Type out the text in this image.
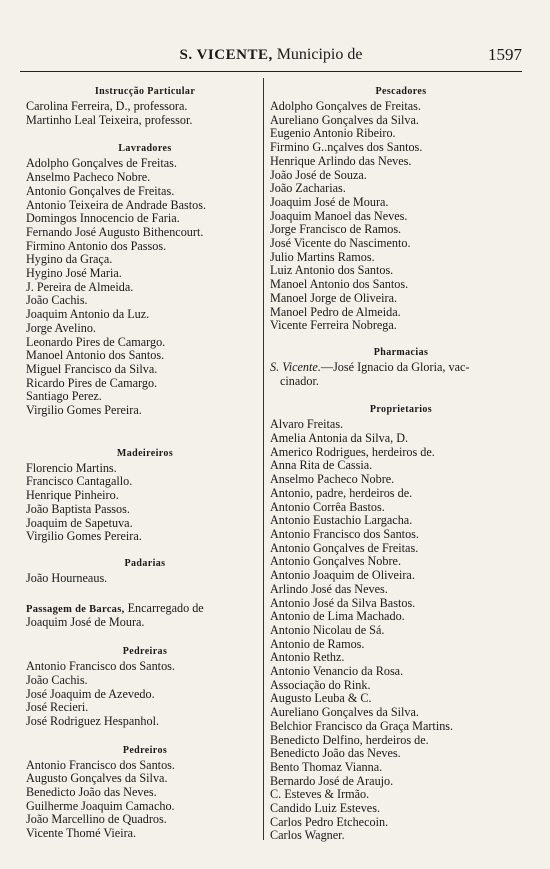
S. VICENTE, Municipio de	1597
Instrucção Particular
Carolina Ferreira, D., professora.
Martinho Leal Teixeira, professor.
Lavradores
Adolpho Gonçalves de Freitas.
Anselmo Pacheco Nobre.
Antonio Gonçalves de Freitas.
Antonio Teixeira de Andrade Bastos.
Domingos Innocencio de Faria.
Fernando José Augusto Bithencourt.
Firmino Antonio dos Passos.
Hygino da Graça.
Hygino José Maria.
J. Pereira de Almeida.
João Cachis.
Joaquim Antonio da Luz.
Jorge Avelino.
Leonardo Pires de Camargo.
Manoel Antonio dos Santos.
Miguel Francisco da Silva.
Ricardo Pires de Camargo.
Santiago Perez.
Virgilio Gomes Pereira.
Madeireiros
Florencio Martins.
Francisco Cantagallo.
Henrique Pinheiro.
João Baptista Passos.
Joaquim de Sapetuva.
Virgilio Gomes Pereira.
Padarias
João Hourneaus.
Passagem de Barcas, Encarregado de
Joaquim José de Moura.
Pedreiras
Antonio Francisco dos Santos.
João Cachis.
José Joaquim de Azevedo.
José Recieri.
José Rodriguez Hespanhol.
Pedreiros
Antonio Francisco dos Santos.
Augusto Gonçalves da Silva.
Benedicto João das Neves.
Guilherme Joaquim Camacho.
João Marcellino de Quadros.
Vicente Thomé Vieira.
Pescadores
Adolpho Gonçalves de Freitas.
Aureliano Gonçalves da Silva.
Eugenio Antonio Ribeiro.
Firmino G..nçalves dos Santos.
Henrique Arlindo das Neves.
João José de Souza.
João Zacharias.
Joaquim José de Moura.
Joaquim Manoel das Neves.
Jorge Francisco de Ramos.
José Vicente do Nascimento.
Julio Martins Ramos.
Luiz Antonio dos Santos.
Manoel Antonio dos Santos.
Manoel Jorge de Oliveira.
Manoel Pedro de Almeida.
Vicente Ferreira Nobrega.
Pharmacias
S. Vicente.—José Ignacio da Gloria, vac-
cinador.
Proprietarios
Alvaro Freitas.
Amelia Antonia da Silva, D.
Americo Rodrigues, herdeiros de.
Anna Rita de Cassia.
Anselmo Pacheco Nobre.
Antonio, padre, herdeiros de.
Antonio Corrêa Bastos.
Antonio Eustachio Largacha.
Antonio Francisco dos Santos.
Antonio Gonçalves de Freitas.
Antonio Gonçalves Nobre.
Antonio Joaquim de Oliveira.
Arlindo José das Neves.
Antonio José da Silva Bastos.
Antonio de Lima Machado.
Antonio Nicolau de Sá.
Antonio de Ramos.
Antonio Rethz.
Antonio Venancio da Rosa.
Associação do Rink.
Augusto Leuba & C.
Aureliano Gonçalves da Silva.
Belchior Francisco da Graça Martins.
Benedicto Delfino, herdeiros de.
Benedicto João das Neves.
Bento Thomaz Vianna.
Bernardo José de Araujo.
C. Esteves & Irmão.
Candido Luiz Esteves.
Carlos Pedro Etchecoin.
Carlos Wagner.
